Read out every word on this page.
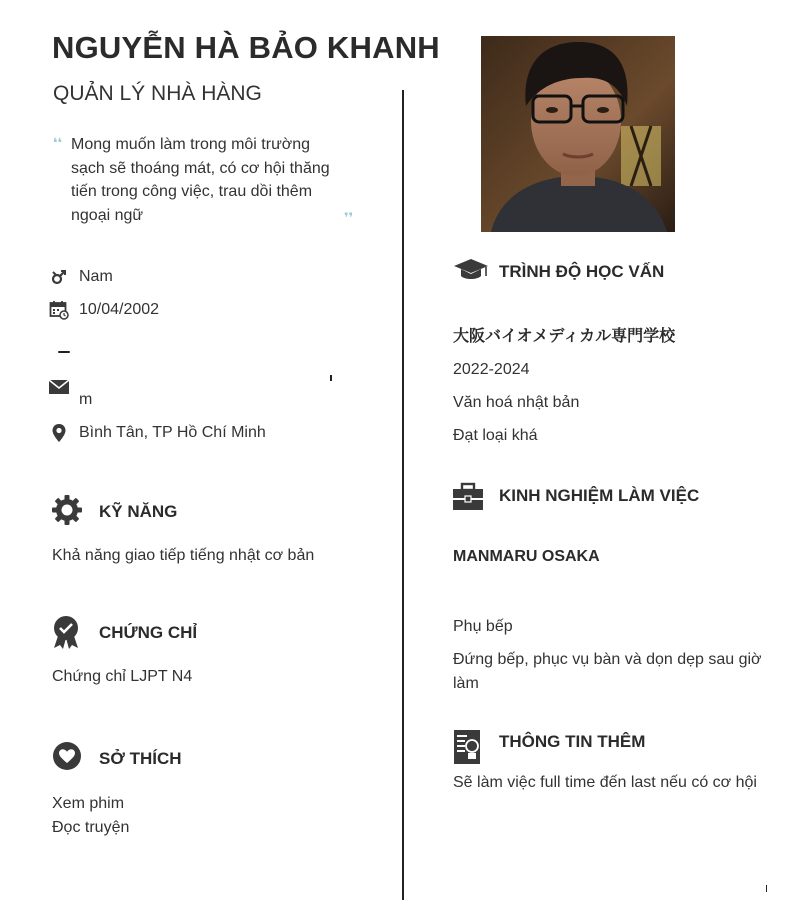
NGUYỄN HÀ BẢO KHANH
QUẢN LÝ NHÀ HÀNG
❛❛ Mong muốn làm trong môi trường sạch sẽ thoáng mát, có cơ hội thăng tiến trong công việc, trau dồi thêm ngoại ngữ	❜❜
Nam
10/04/2002
m
Bình Tân, TP Hồ Chí Minh
KỸ NĂNG
Khả năng giao tiếp tiếng nhật cơ bản
CHỨNG CHỈ
Chứng chỉ LJPT N4
SỞ THÍCH
Xem phim
Đọc truyện
TRÌNH ĐỘ HỌC VẤN
大阪バイオメディカル専門学校
2022-2024
Văn hoá nhật bản
Đạt loại khá
KINH NGHIỆM LÀM VIỆC
MANMARU OSAKA
Phụ bếp
Đứng bếp, phục vụ bàn và dọn dẹp sau giờ làm
THÔNG TIN THÊM
Sẽ làm việc full time đến last nếu có cơ hội
